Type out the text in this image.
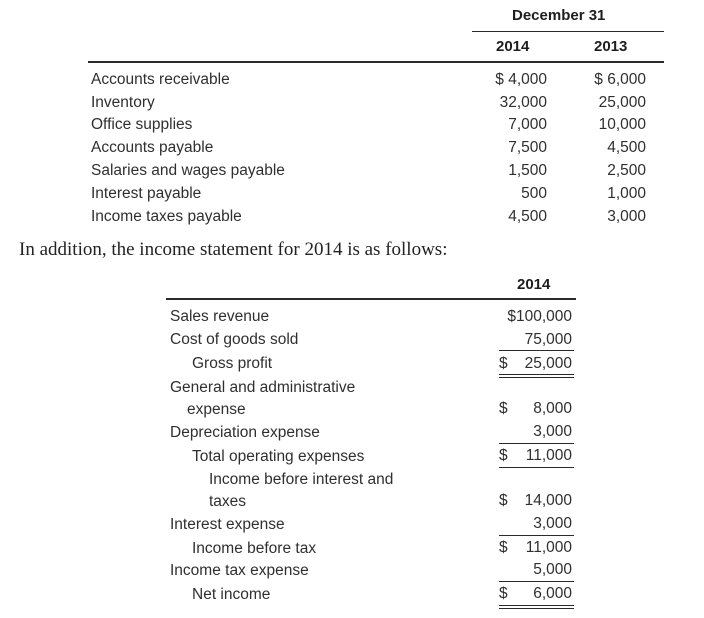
December 31
2014	2013
Accounts receivable	$ 4,000	$ 6,000
Inventory	32,000	25,000
Office supplies	7,000	10,000
Accounts payable	7,500	4,500
Salaries and wages payable	1,500	2,500
Interest payable	500	1,000
Income taxes payable	4,500	3,000
In addition, the income statement for 2014 is as follows:
2014
Sales revenue	$100,000
Cost of goods sold	75,000
Gross profit	$	25,000
General and administrative
expense	$	8,000
Depreciation expense	3,000
Total operating expenses	$	11,000
Income before interest and
taxes	$	14,000
Interest expense	3,000
Income before tax	$	11,000
Income tax expense	5,000
Net income	$	6,000
